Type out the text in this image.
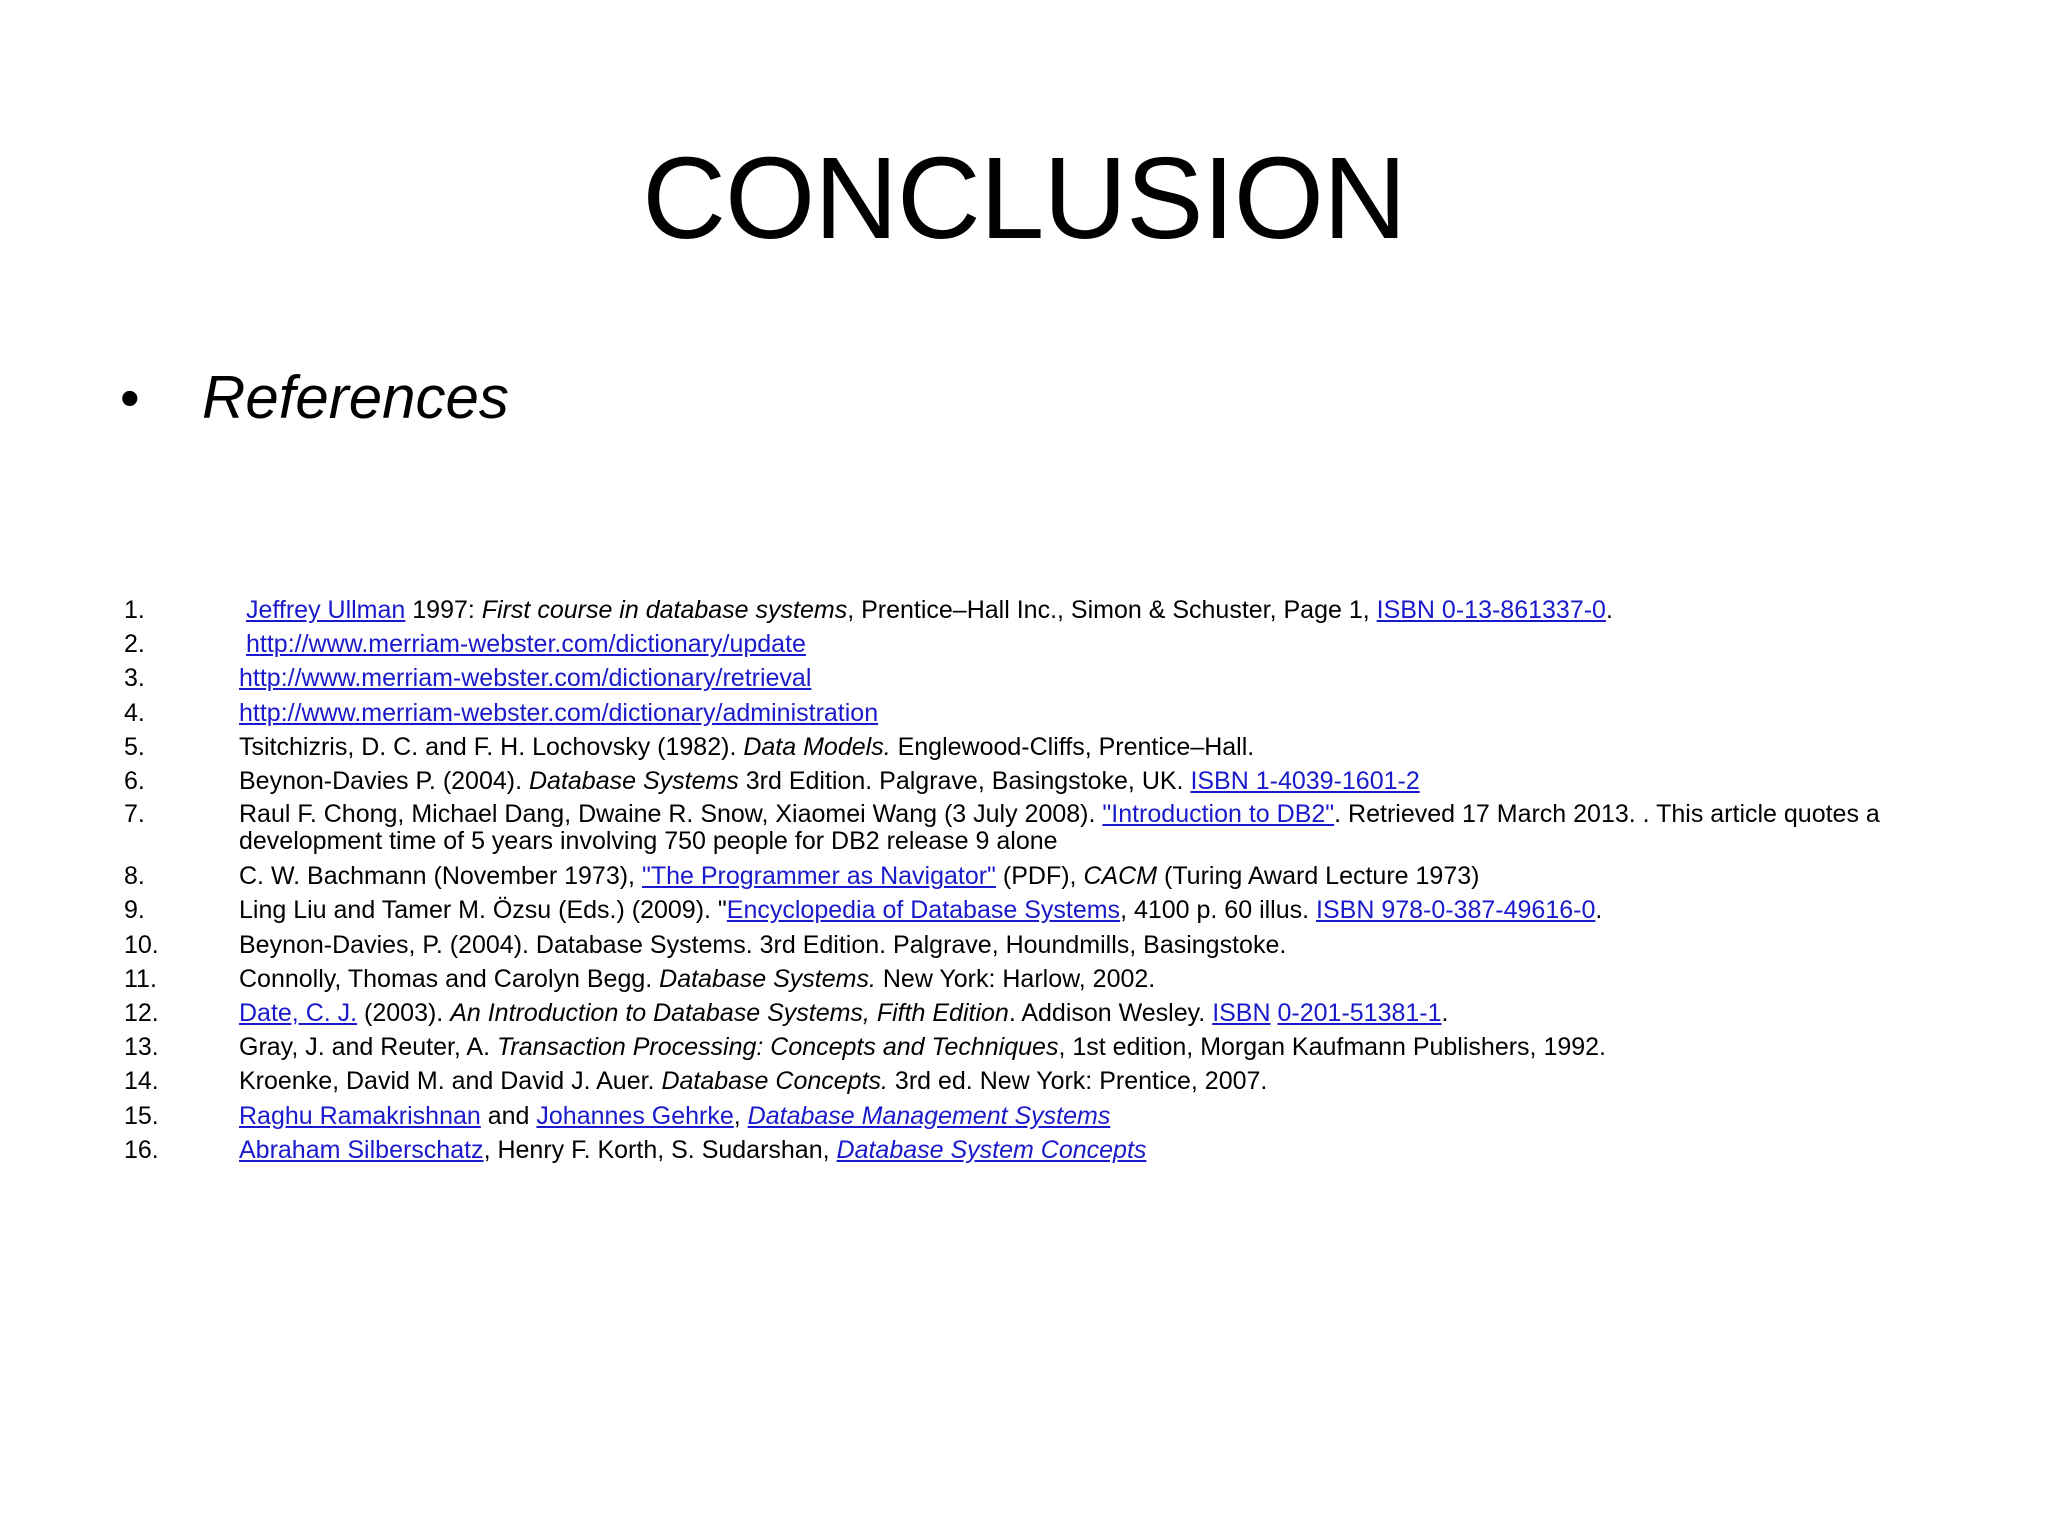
CONCLUSION
• References
1.	Jeffrey Ullman 1997: First course in database systems, Prentice–Hall Inc., Simon & Schuster, Page 1, ISBN 0-13-861337-0.
2.	http://www.merriam-webster.com/dictionary/update
3.	http://www.merriam-webster.com/dictionary/retrieval
4.	http://www.merriam-webster.com/dictionary/administration
5.	Tsitchizris, D. C. and F. H. Lochovsky (1982). Data Models. Englewood-Cliffs, Prentice–Hall.
6.	Beynon-Davies P. (2004). Database Systems 3rd Edition. Palgrave, Basingstoke, UK. ISBN 1-4039-1601-2
7.	Raul F. Chong, Michael Dang, Dwaine R. Snow, Xiaomei Wang (3 July 2008). "Introduction to DB2". Retrieved 17 March 2013. . This article quotes a development time of 5 years involving 750 people for DB2 release 9 alone
8.	C. W. Bachmann (November 1973), "The Programmer as Navigator" (PDF), CACM (Turing Award Lecture 1973)
9.	Ling Liu and Tamer M. Özsu (Eds.) (2009). "Encyclopedia of Database Systems, 4100 p. 60 illus. ISBN 978-0-387-49616-0.
10.	Beynon-Davies, P. (2004). Database Systems. 3rd Edition. Palgrave, Houndmills, Basingstoke.
11.	Connolly, Thomas and Carolyn Begg. Database Systems. New York: Harlow, 2002.
12.	Date, C. J. (2003). An Introduction to Database Systems, Fifth Edition. Addison Wesley. ISBN 0-201-51381-1.
13.	Gray, J. and Reuter, A. Transaction Processing: Concepts and Techniques, 1st edition, Morgan Kaufmann Publishers, 1992.
14.	Kroenke, David M. and David J. Auer. Database Concepts. 3rd ed. New York: Prentice, 2007.
15.	Raghu Ramakrishnan and Johannes Gehrke, Database Management Systems
16.	Abraham Silberschatz, Henry F. Korth, S. Sudarshan, Database System Concepts
